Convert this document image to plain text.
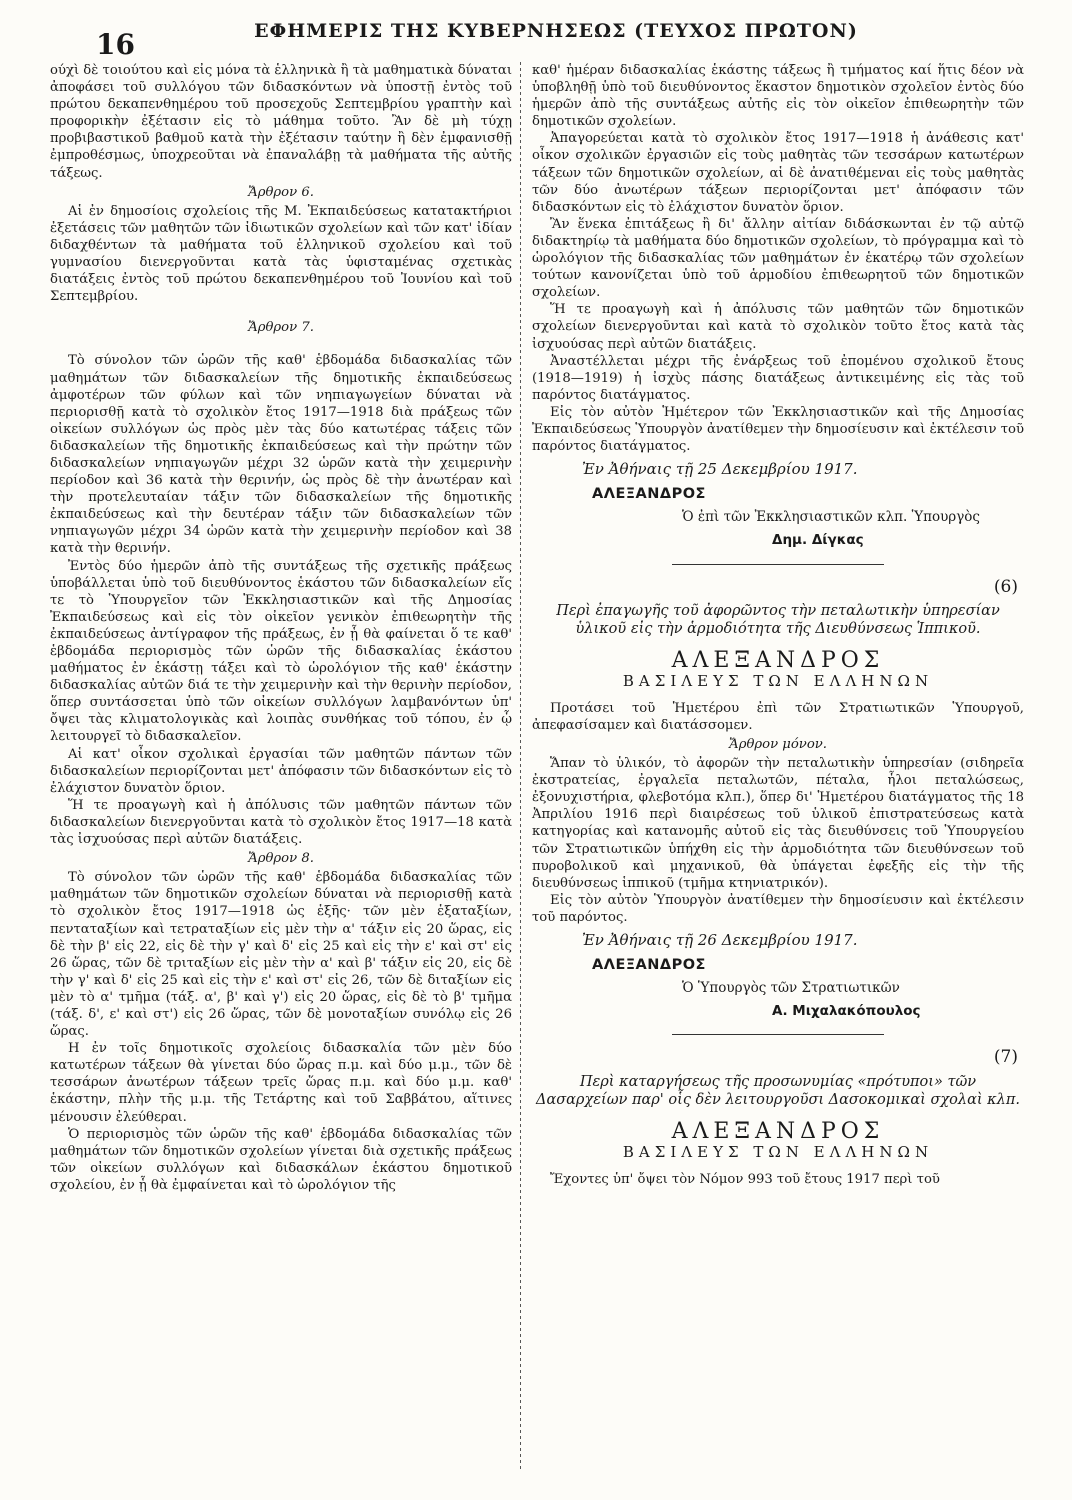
16	ΕΦΗΜΕΡΙΣ ΤΗΣ ΚΥΒΕΡΝΗΣΕΩΣ (ΤΕΥΧΟΣ ΠΡΩΤΟΝ)

ούχὶ δὲ τοιούτου καὶ εἰς μόνα τὰ ἑλληνικὰ ἢ τὰ μαθηματικὰ δύναται ἀποφάσει τοῦ συλλόγου τῶν διδασκόντων νὰ ὑποστῇ ἐντὸς τοῦ πρώτου δεκαπενθημέρου τοῦ προσεχοῦς Σεπτεμβρίου γραπτὴν καὶ προφορικὴν ἐξέτασιν εἰς τὸ μάθημα τοῦτο. Ἂν δὲ μὴ τύχῃ προβιβαστικοῦ βαθμοῦ κατὰ τὴν ἐξέτασιν ταύτην ἢ δὲν ἐμφανισθῇ ἐμπροθέσμως, ὑποχρεοῦται νὰ ἐπαναλάβῃ τὰ μαθήματα τῆς αὐτῆς τάξεως.

Ἄρθρον 6.

Αἱ ἐν δημοσίοις σχολείοις τῆς Μ. Ἐκπαιδεύσεως κατατακτήριοι ἐξετάσεις τῶν μαθητῶν τῶν ἰδιωτικῶν σχολείων καὶ τῶν κατ' ἰδίαν διδαχθέντων τὰ μαθήματα τοῦ ἑλληνικοῦ σχολείου καὶ τοῦ γυμνασίου διενεργοῦνται κατὰ τὰς ὑφισταμένας σχετικὰς διατάξεις ἐντὸς τοῦ πρώτου δεκαπενθημέρου τοῦ Ἰουνίου καὶ τοῦ Σεπτεμβρίου.

Ἄρθρον 7.

Τὸ σύνολον τῶν ὡρῶν τῆς καθ' ἑβδομάδα διδασκαλίας τῶν μαθημάτων τῶν διδασκαλείων τῆς δημοτικῆς ἐκπαιδεύσεως ἀμφοτέρων τῶν φύλων καὶ τῶν νηπιαγωγείων δύναται νὰ περιορισθῇ κατὰ τὸ σχολικὸν ἔτος 1917—1918 διὰ πράξεως τῶν οἰκείων συλλόγων ὡς πρὸς μὲν τὰς δύο κατωτέρας τάξεις τῶν διδασκαλείων τῆς δημοτικῆς ἐκπαιδεύσεως καὶ τὴν πρώτην τῶν διδασκαλείων νηπιαγωγῶν μέχρι 32 ὡρῶν κατὰ τὴν χειμερινὴν περίοδον καὶ 36 κατὰ τὴν θερινήν, ὡς πρὸς δὲ τὴν ἀνωτέραν καὶ τὴν προτελευταίαν τάξιν τῶν διδασκαλείων τῆς δημοτικῆς ἐκπαιδεύσεως καὶ τὴν δευτέραν τάξιν τῶν διδασκαλείων τῶν νηπιαγωγῶν μέχρι 34 ὡρῶν κατὰ τὴν χειμερινὴν περίοδον καὶ 38 κατὰ τὴν θερινήν.

Ἐντὸς δύο ἡμερῶν ἀπὸ τῆς συντάξεως τῆς σχετικῆς πράξεως ὑποβάλλεται ὑπὸ τοῦ διευθύνοντος ἑκάστου τῶν διδασκαλείων εἴς τε τὸ Ὑπουργεῖον τῶν Ἐκκλησιαστικῶν καὶ τῆς Δημοσίας Ἐκπαιδεύσεως καὶ εἰς τὸν οἰκεῖον γενικὸν ἐπιθεωρητὴν τῆς ἐκπαιδεύσεως ἀντίγραφον τῆς πράξεως, ἐν ᾗ θὰ φαίνεται ὅ τε καθ' ἑβδομάδα περιορισμὸς τῶν ὡρῶν τῆς διδασκαλίας ἑκάστου μαθήματος ἐν ἑκάστῃ τάξει καὶ τὸ ὡρολόγιον τῆς καθ' ἑκάστην διδασκαλίας αὐτῶν διά τε τὴν χειμερινὴν καὶ τὴν θερινὴν περίοδον, ὅπερ συντάσσεται ὑπὸ τῶν οἰκείων συλλόγων λαμβανόντων ὑπ' ὄψει τὰς κλιματολογικὰς καὶ λοιπὰς συνθήκας τοῦ τόπου, ἐν ᾧ λειτουργεῖ τὸ διδασκαλεῖον.

Αἱ κατ' οἶκον σχολικαὶ ἐργασίαι τῶν μαθητῶν πάντων τῶν διδασκαλείων περιορίζονται μετ' ἀπόφασιν τῶν διδασκόντων εἰς τὸ ἐλάχιστον δυνατὸν ὅριον.

Ἥ τε προαγωγὴ καὶ ἡ ἀπόλυσις τῶν μαθητῶν πάντων τῶν διδασκαλείων διενεργοῦνται κατὰ τὸ σχολικὸν ἔτος 1917—18 κατὰ τὰς ἰσχυούσας περὶ αὐτῶν διατάξεις.

Ἄρθρον 8.

Τὸ σύνολον τῶν ὡρῶν τῆς καθ' ἑβδομάδα διδασκαλίας τῶν μαθημάτων τῶν δημοτικῶν σχολείων δύναται νὰ περιορισθῇ κατὰ τὸ σχολικὸν ἔτος 1917—1918 ὡς ἑξῆς· τῶν μὲν ἑξαταξίων, πενταταξίων καὶ τετραταξίων εἰς μὲν τὴν α' τάξιν εἰς 20 ὥρας, εἰς δὲ τὴν β' εἰς 22, εἰς δὲ τὴν γ' καὶ δ' εἰς 25 καὶ εἰς τὴν ε' καὶ στ' εἰς 26 ὥρας, τῶν δὲ τριταξίων εἰς μὲν τὴν α' καὶ β' τάξιν εἰς 20, εἰς δὲ τὴν γ' καὶ δ' εἰς 25 καὶ εἰς τὴν ε' καὶ στ' εἰς 26, τῶν δὲ διταξίων εἰς μὲν τὸ α' τμῆμα (τάξ. α', β' καὶ γ') εἰς 20 ὥρας, εἰς δὲ τὸ β' τμῆμα (τάξ. δ', ε' καὶ στ') εἰς 26 ὥρας, τῶν δὲ μονοταξίων συνόλῳ εἰς 26 ὥρας.

Η ἐν τοῖς δημοτικοῖς σχολείοις διδασκαλία τῶν μὲν δύο κατωτέρων τάξεων θὰ γίνεται δύο ὥρας π.μ. καὶ δύο μ.μ., τῶν δὲ τεσσάρων ἀνωτέρων τάξεων τρεῖς ὥρας π.μ. καὶ δύο μ.μ. καθ' ἑκάστην, πλὴν τῆς μ.μ. τῆς Τετάρτης καὶ τοῦ Σαββάτου, αἵτινες μένουσιν ἐλεύθεραι.

Ὁ περιορισμὸς τῶν ὡρῶν τῆς καθ' ἑβδομάδα διδασκαλίας τῶν μαθημάτων τῶν δημοτικῶν σχολείων γίνεται διὰ σχετικῆς πράξεως τῶν οἰκείων συλλόγων καὶ διδασκάλων ἑκάστου δημοτικοῦ σχολείου, ἐν ᾗ θὰ ἐμφαίνεται καὶ τὸ ὡρολόγιον τῆς

καθ' ἡμέραν διδασκαλίας ἑκάστης τάξεως ἢ τμήματος καί ἥτις δέον νὰ ὑποβληθῇ ὑπὸ τοῦ διευθύνοντος ἕκαστον δημοτικὸν σχολεῖον ἐντὸς δύο ἡμερῶν ἀπὸ τῆς συντάξεως αὐτῆς εἰς τὸν οἰκεῖον ἐπιθεωρητὴν τῶν δημοτικῶν σχολείων.

Ἀπαγορεύεται κατὰ τὸ σχολικὸν ἔτος 1917—1918 ἡ ἀνάθεσις κατ' οἶκον σχολικῶν ἐργασιῶν εἰς τοὺς μαθητὰς τῶν τεσσάρων κατωτέρων τάξεων τῶν δημοτικῶν σχολείων, αἱ δὲ ἀνατιθέμεναι εἰς τοὺς μαθητὰς τῶν δύο ἀνωτέρων τάξεων περιορίζονται μετ' ἀπόφασιν τῶν διδασκόντων εἰς τὸ ἐλάχιστον δυνατὸν ὅριον.

Ἂν ἕνεκα ἐπιτάξεως ἢ δι' ἄλλην αἰτίαν διδάσκωνται ἐν τῷ αὐτῷ διδακτηρίῳ τὰ μαθήματα δύο δημοτικῶν σχολείων, τὸ πρόγραμμα καὶ τὸ ὡρολόγιον τῆς διδασκαλίας τῶν μαθημάτων ἐν ἑκατέρῳ τῶν σχολείων τούτων κανονίζεται ὑπὸ τοῦ ἁρμοδίου ἐπιθεωρητοῦ τῶν δημοτικῶν σχολείων.

Ἥ τε προαγωγὴ καὶ ἡ ἀπόλυσις τῶν μαθητῶν τῶν δημοτικῶν σχολείων διενεργοῦνται καὶ κατὰ τὸ σχολικὸν τοῦτο ἔτος κατὰ τὰς ἰσχυούσας περὶ αὐτῶν διατάξεις.

Ἀναστέλλεται μέχρι τῆς ἐνάρξεως τοῦ ἐπομένου σχολικοῦ ἔτους (1918—1919) ἡ ἰσχὺς πάσης διατάξεως ἀντικειμένης εἰς τὰς τοῦ παρόντος διατάγματος.

Εἰς τὸν αὐτὸν Ἡμέτερον τῶν Ἐκκλησιαστικῶν καὶ τῆς Δημοσίας Ἐκπαιδεύσεως Ὑπουργὸν ἀνατίθεμεν τὴν δημοσίευσιν καὶ ἐκτέλεσιν τοῦ παρόντος διατάγματος.

Ἐν Ἀθήναις τῇ 25 Δεκεμβρίου 1917.

ΑΛΕΞΑΝΔΡΟΣ

Ὁ ἐπὶ τῶν Ἐκκλησιαστικῶν κλπ. Ὑπουργὸς

Δημ. Δίγκας

(6)

Περὶ ἐπαγωγῆς τοῦ ἀφορῶντος τὴν πεταλωτικὴν ὑπηρεσίαν ὑλικοῦ εἰς τὴν ἁρμοδιότητα τῆς Διευθύνσεως Ἱππικοῦ.

ΑΛΕΞΑΝΔΡΟΣ

ΒΑΣΙΛΕΥΣ ΤΩΝ ΕΛΛΗΝΩΝ

Προτάσει τοῦ Ἡμετέρου ἐπὶ τῶν Στρατιωτικῶν Ὑπουργοῦ, ἀπεφασίσαμεν καὶ διατάσσομεν.

Ἄρθρον μόνον.

Ἅπαν τὸ ὑλικόν, τὸ ἀφορῶν τὴν πεταλωτικὴν ὑπηρεσίαν (σιδηρεῖα ἐκστρατείας, ἐργαλεῖα πεταλωτῶν, πέταλα, ἧλοι πεταλώσεως, ἐξονυχιστήρια, φλεβοτόμα κλπ.), ὅπερ δι' Ἡμετέρου διατάγματος τῆς 18 Ἀπριλίου 1916 περὶ διαιρέσεως τοῦ ὑλικοῦ ἐπιστρατεύσεως κατὰ κατηγορίας καὶ κατανομῆς αὐτοῦ εἰς τὰς διευθύνσεις τοῦ Ὑπουργείου τῶν Στρατιωτικῶν ὑπήχθη εἰς τὴν ἁρμοδιότητα τῶν διευθύνσεων τοῦ πυροβολικοῦ καὶ μηχανικοῦ, θὰ ὑπάγεται ἐφεξῆς εἰς τὴν τῆς διευθύνσεως ἱππικοῦ (τμῆμα κτηνιατρικόν).

Εἰς τὸν αὐτὸν Ὑπουργὸν ἀνατίθεμεν τὴν δημοσίευσιν καὶ ἐκτέλεσιν τοῦ παρόντος.

Ἐν Ἀθήναις τῇ 26 Δεκεμβρίου 1917.

ΑΛΕΞΑΝΔΡΟΣ

Ὁ Ὑπουργὸς τῶν Στρατιωτικῶν

Α. Μιχαλακόπουλος

(7)

Περὶ καταργήσεως τῆς προσωνυμίας «πρότυποι» τῶν Δασαρχείων παρ' οἷς δὲν λειτουργοῦσι Δασοκομικαὶ σχολαὶ κλπ.

ΑΛΕΞΑΝΔΡΟΣ

ΒΑΣΙΛΕΥΣ ΤΩΝ ΕΛΛΗΝΩΝ

Ἔχοντες ὑπ' ὄψει τὸν Νόμον 993 τοῦ ἔτους 1917 περὶ τοῦ
